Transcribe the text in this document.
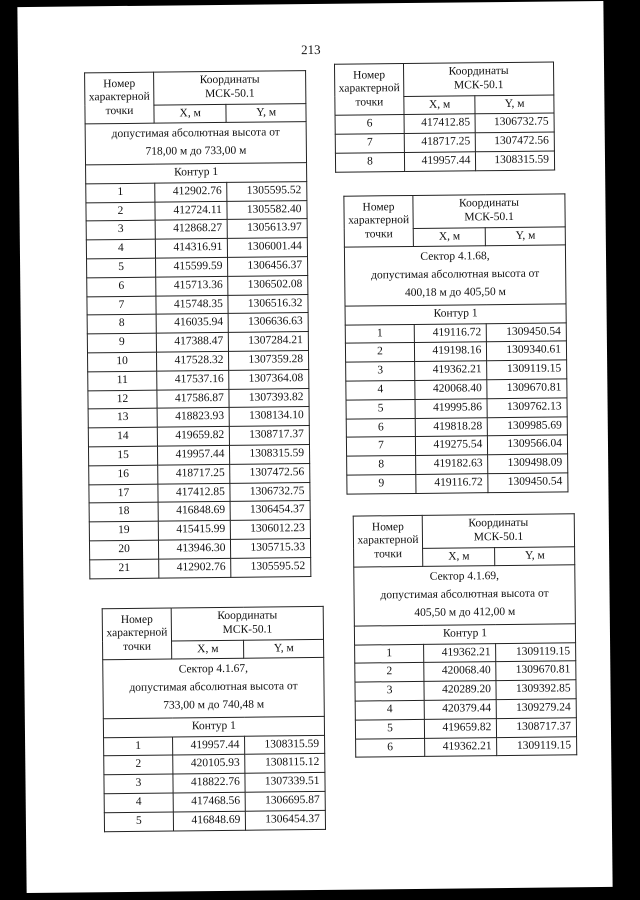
213
Номер характерной точки	Координаты
МСК-50.1	
	X, м	Y, м
допустимая абсолютная высота от
718,00 м до 733,00 м		
Контур 1		
1	412902.76	1305595.52
2	412724.11	1305582.40
3	412868.27	1305613.97
4	414316.91	1306001.44
5	415599.59	1306456.37
6	415713.36	1306502.08
7	415748.35	1306516.32
8	416035.94	1306636.63
9	417388.47	1307284.21
10	417528.32	1307359.28
11	417537.16	1307364.08
12	417586.87	1307393.82
13	418823.93	1308134.10
14	419659.82	1308717.37
15	419957.44	1308315.59
16	418717.25	1307472.56
17	417412.85	1306732.75
18	416848.69	1306454.37
19	415415.99	1306012.23
20	413946.30	1305715.33
21	412902.76	1305595.52
Номер характерной точки	Координаты
МСК-50.1	
	X, м	Y, м
Сектор 4.1.67,
допустимая абсолютная высота от
733,00 м до 740,48 м		
Контур 1		
1	419957.44	1308315.59
2	420105.93	1308115.12
3	418822.76	1307339.51
4	417468.56	1306695.87
5	416848.69	1306454.37
Номер характерной точки	Координаты
МСК-50.1	
	X, м	Y, м
6	417412.85	1306732.75
7	418717.25	1307472.56
8	419957.44	1308315.59
Номер характерной точки	Координаты
МСК-50.1	
	X, м	Y, м
Сектор 4.1.68,
допустимая абсолютная высота от
400,18 м до 405,50 м		
Контур 1		
1	419116.72	1309450.54
2	419198.16	1309340.61
3	419362.21	1309119.15
4	420068.40	1309670.81
5	419995.86	1309762.13
6	419818.28	1309985.69
7	419275.54	1309566.04
8	419182.63	1309498.09
9	419116.72	1309450.54
Номер характерной точки	Координаты
МСК-50.1	
	X, м	Y, м
Сектор 4.1.69,
допустимая абсолютная высота от
405,50 м до 412,00 м		
Контур 1		
1	419362.21	1309119.15
2	420068.40	1309670.81
3	420289.20	1309392.85
4	420379.44	1309279.24
5	419659.82	1308717.37
6	419362.21	1309119.15
